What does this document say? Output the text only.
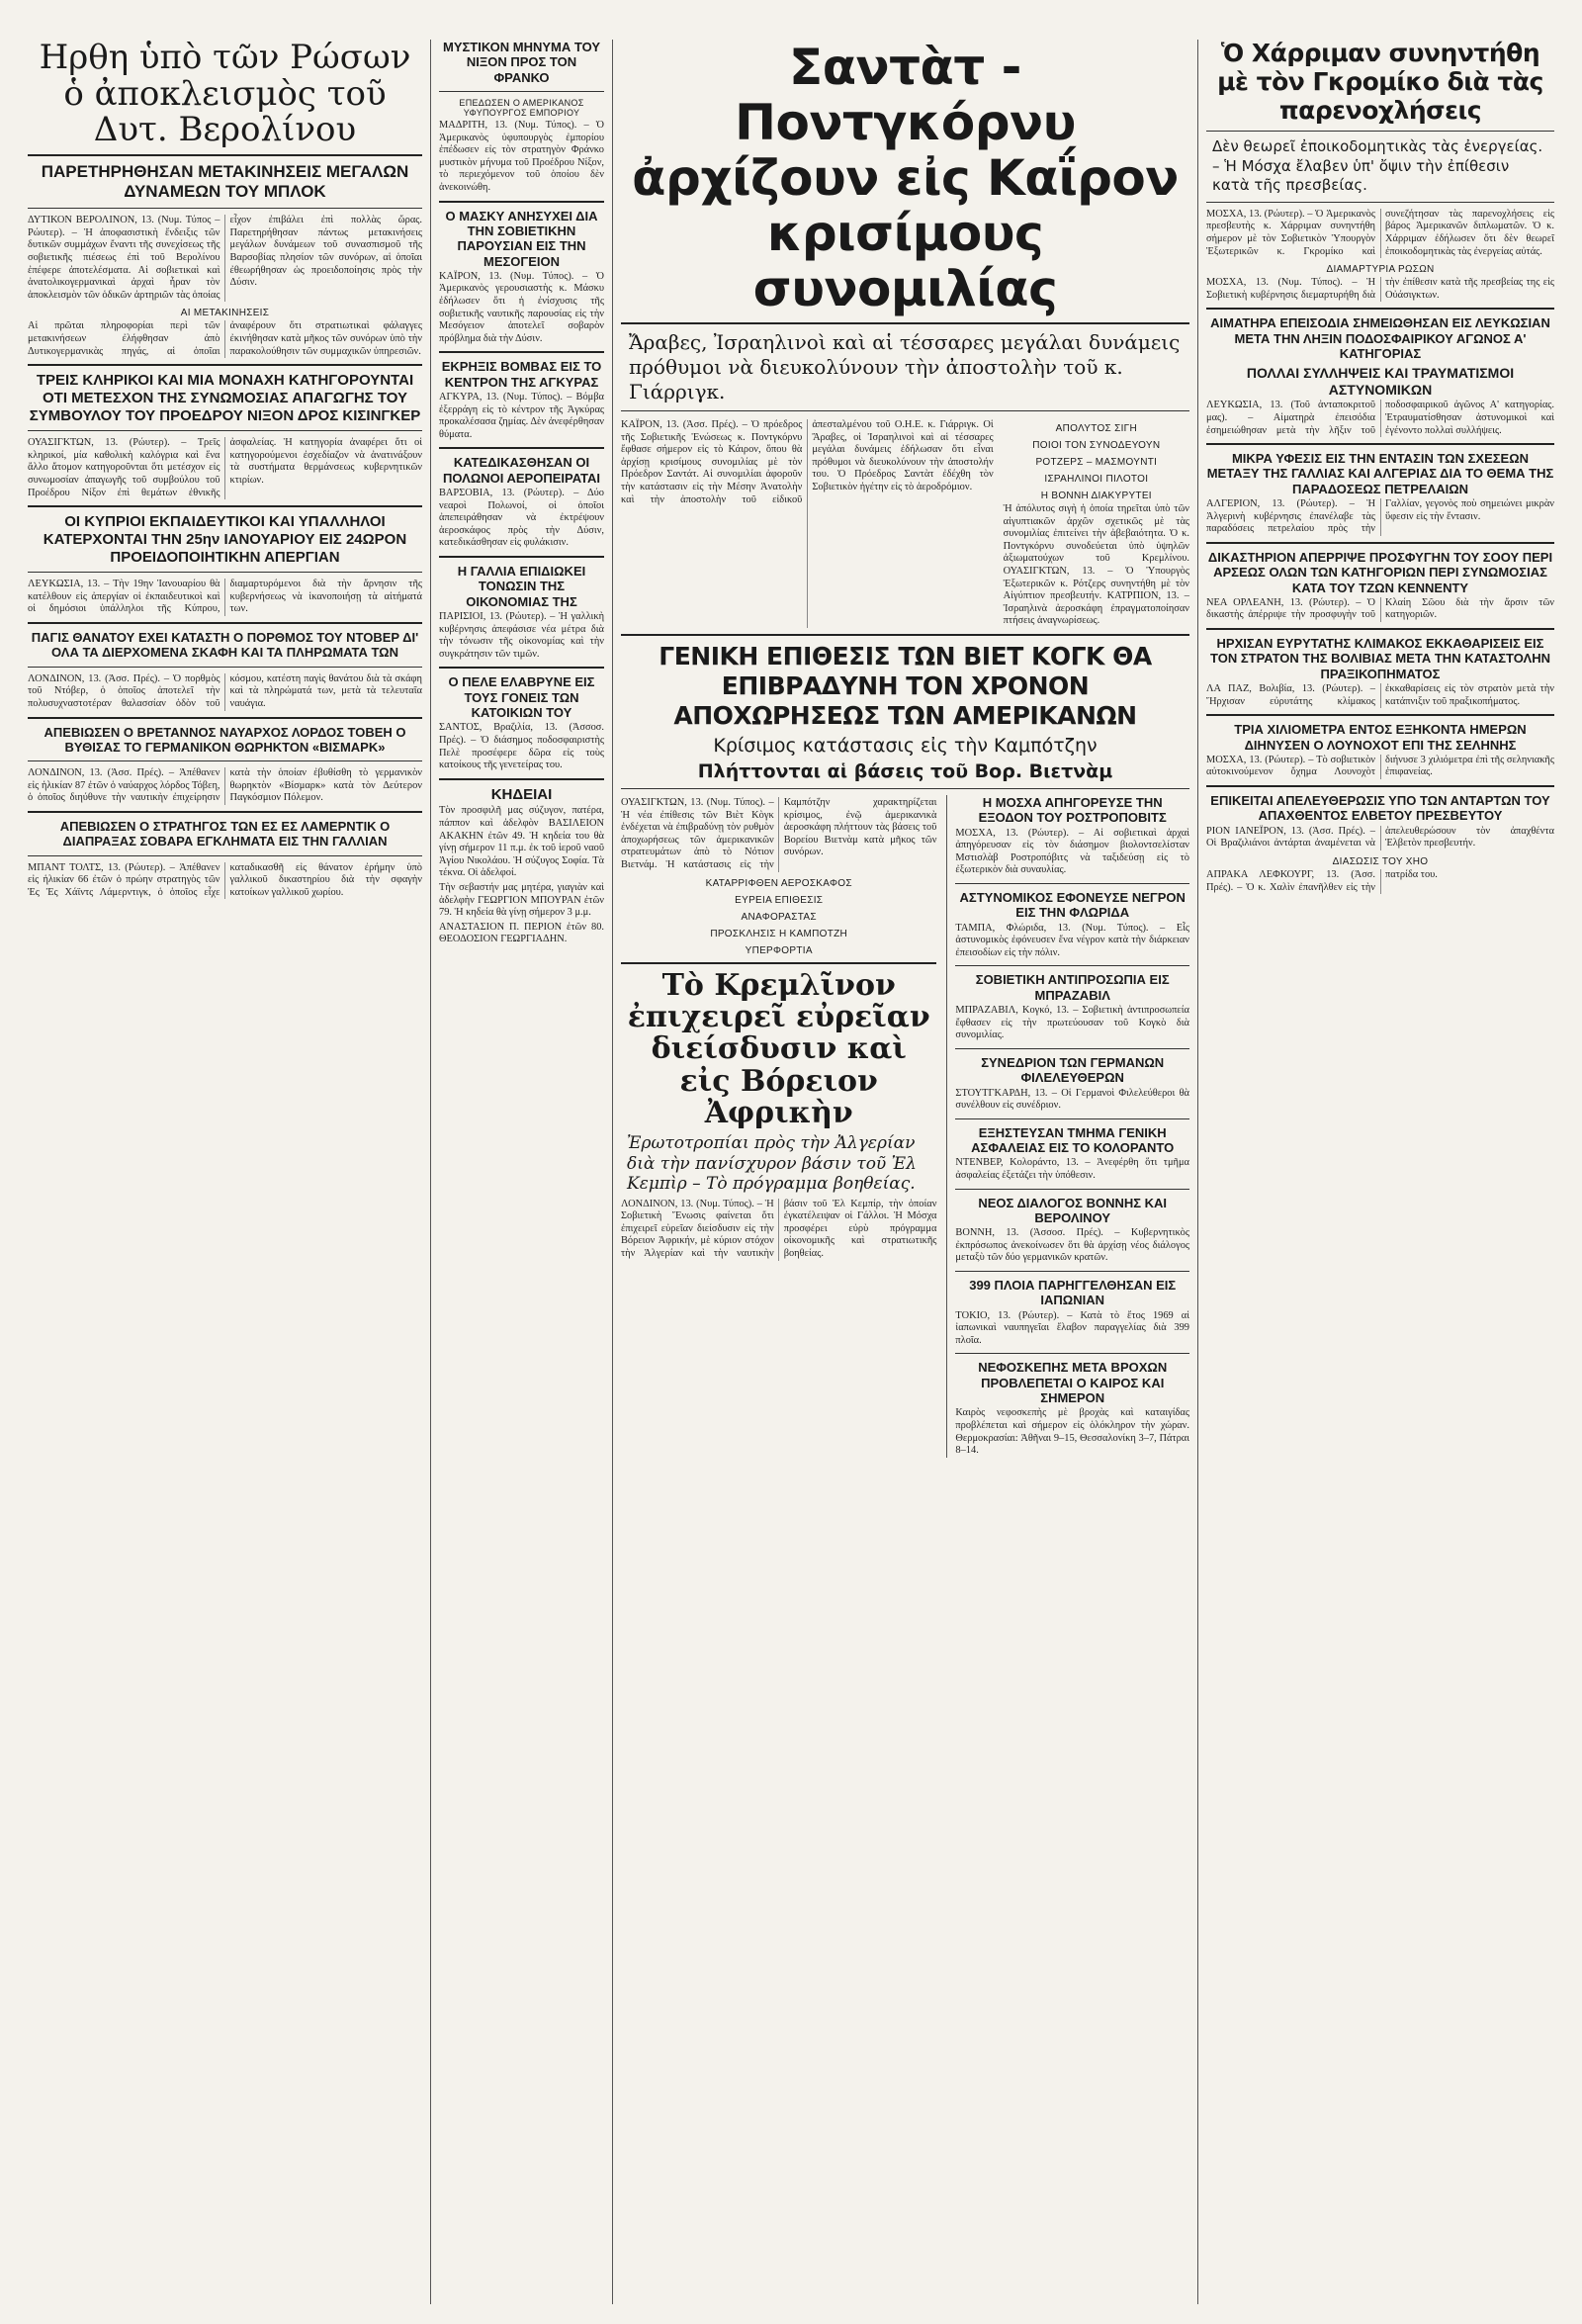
Ηρθη ὑπὸ τῶν Ρώσων ὁ ἀποκλεισμὸς τοῦ Δυτ. Βερολίνου
ΠΑΡΕΤΗΡΗΘΗΣΑΝ ΜΕΤΑΚΙΝΗΣΕΙΣ ΜΕΓΑΛΩΝ ΔΥΝΑΜΕΩΝ ΤΟΥ ΜΠΛΟΚ

ΔΥΤΙΚΟΝ ΒΕΡΟΛΙΝΟΝ, 13. (Νυμ. Τύπος – Ρώυτερ). – Ἡ ἀποφασιστικὴ ἔνδειξις τῶν δυτικῶν συμμάχων ἔναντι τῆς συνεχίσεως τῆς σοβιετικῆς πιέσεως ἐπὶ τοῦ Βερολίνου ἐπέφερε ἀποτελέσματα. Αἱ σοβιετικαὶ καὶ ἀνατολικογερμανικαὶ ἀρχαὶ ἦραν τὸν ἀποκλεισμὸν τῶν ὁδικῶν ἀρτηριῶν τὰς ὁποίας εἶχον ἐπιβάλει ἐπὶ πολλὰς ὥρας. Παρετηρήθησαν πάντως μετακινήσεις μεγάλων δυνάμεων τοῦ συνασπισμοῦ τῆς Βαρσοβίας πλησίον τῶν συνόρων, αἱ ὁποῖαι ἐθεωρήθησαν ὡς προειδοποίησις πρὸς τὴν Δύσιν.

ΑΙ ΜΕΤΑΚΙΝΗΣΕΙΣ

Αἱ πρῶται πληροφορίαι περὶ τῶν μετακινήσεων ἐλήφθησαν ἀπὸ Δυτικογερμανικὰς πηγάς, αἱ ὁποῖαι ἀναφέρουν ὅτι στρατιωτικαὶ φάλαγγες ἐκινήθησαν κατὰ μῆκος τῶν συνόρων ὑπὸ τὴν παρακολούθησιν τῶν συμμαχικῶν ὑπηρεσιῶν.

ΤΡΕΙΣ ΚΛΗΡΙΚΟΙ ΚΑΙ ΜΙΑ ΜΟΝΑΧΗ ΚΑΤΗΓΟΡΟΥΝΤΑΙ ΟΤΙ ΜΕΤΕΣΧΟΝ ΤΗΣ ΣΥΝΩΜΟΣΙΑΣ ΑΠΑΓΩΓΗΣ ΤΟΥ ΣΥΜΒΟΥΛΟΥ ΤΟΥ ΠΡΟΕΔΡΟΥ ΝΙΞΟΝ ΔΡΟΣ ΚΙΣΙΝΓΚΕΡ

ΟΥΑΣΙΓΚΤΩΝ, 13. (Ρώυτερ). – Τρεῖς κληρικοί, μία καθολικὴ καλόγρια καὶ ἕνα ἄλλο ἄτομον κατηγοροῦνται ὅτι μετέσχον εἰς συνωμοσίαν ἀπαγωγῆς τοῦ συμβούλου τοῦ Προέδρου Νίξον ἐπὶ θεμάτων ἐθνικῆς ἀσφαλείας. Ἡ κατηγορία ἀναφέρει ὅτι οἱ κατηγορούμενοι ἐσχεδίαζον νὰ ἀνατινάξουν τὰ συστήματα θερμάνσεως κυβερνητικῶν κτιρίων.

ΟΙ ΚΥΠΡΙΟΙ ΕΚΠΑΙΔΕΥΤΙΚΟΙ ΚΑΙ ΥΠΑΛΛΗΛΟΙ ΚΑΤΕΡΧΟΝΤΑΙ ΤΗΝ 25ην ΙΑΝΟΥΑΡΙΟΥ ΕΙΣ 24ΩΡΟΝ ΠΡΟΕΙΔΟΠΟΙΗΤΙΚΗΝ ΑΠΕΡΓΙΑΝ

ΛΕΥΚΩΣΙΑ, 13. – Τὴν 19ην Ἰανουαρίου θὰ κατέλθουν εἰς ἀπεργίαν οἱ ἐκπαιδευτικοὶ καὶ οἱ δημόσιοι ὑπάλληλοι τῆς Κύπρου, διαμαρτυρόμενοι διὰ τὴν ἄρνησιν τῆς κυβερνήσεως νὰ ἱκανοποιήσῃ τὰ αἰτήματά των.

ΠΑΓΙΣ ΘΑΝΑΤΟΥ ΕΧΕΙ ΚΑΤΑΣΤΗ Ο ΠΟΡΘΜΟΣ ΤΟΥ ΝΤΟΒΕΡ ΔΙ' ΟΛΑ ΤΑ ΔΙΕΡΧΟΜΕΝΑ ΣΚΑΦΗ ΚΑΙ ΤΑ ΠΛΗΡΩΜΑΤΑ ΤΩΝ

ΛΟΝΔΙΝΟΝ, 13. (Ἀσσ. Πρές). – Ὁ πορθμὸς τοῦ Ντόβερ, ὁ ὁποῖος ἀποτελεῖ τὴν πολυσυχναστοτέραν θαλασσίαν ὁδὸν τοῦ κόσμου, κατέστη παγὶς θανάτου διὰ τὰ σκάφη καὶ τὰ πληρώματά των, μετὰ τὰ τελευταῖα ναυάγια.

ΑΠΕΒΙΩΣΕΝ Ο ΒΡΕΤΑΝΝΟΣ ΝΑΥΑΡΧΟΣ ΛΟΡΔΟΣ ΤΟΒΕΗ Ο ΒΥΘΙΣΑΣ ΤΟ ΓΕΡΜΑΝΙΚΟΝ ΘΩΡΗΚΤΟΝ «ΒΙΣΜΑΡΚ»

ΛΟΝΔΙΝΟΝ, 13. (Ἀσσ. Πρές). – Ἀπέθανεν εἰς ἡλικίαν 87 ἐτῶν ὁ ναύαρχος λόρδος Τόβεη, ὁ ὁποῖος διηύθυνε τὴν ναυτικὴν ἐπιχείρησιν κατὰ τὴν ὁποίαν ἐβυθίσθη τὸ γερμανικὸν θωρηκτὸν «Βίσμαρκ» κατὰ τὸν Δεύτερον Παγκόσμιον Πόλεμον.

ΑΠΕΒΙΩΣΕΝ Ο ΣΤΡΑΤΗΓΟΣ ΤΩΝ ΕΣ ΕΣ ΛΑΜΕΡΝΤΙΚ Ο ΔΙΑΠΡΑΞΑΣ ΣΟΒΑΡΑ ΕΓΚΛΗΜΑΤΑ ΕΙΣ ΤΗΝ ΓΑΛΛΙΑΝ

ΜΠΑΝΤ ΤΟΛΤΣ, 13. (Ρώυτερ). – Ἀπέθανεν εἰς ἡλικίαν 66 ἐτῶν ὁ πρώην στρατηγὸς τῶν Ἐς Ἐς Χάϊντς Λάμερντιγκ, ὁ ὁποῖος εἶχε καταδικασθῆ εἰς θάνατον ἐρήμην ὑπὸ γαλλικοῦ δικαστηρίου διὰ τὴν σφαγὴν κατοίκων γαλλικοῦ χωρίου.

ΜΥΣΤΙΚΟΝ ΜΗΝΥΜΑ ΤΟΥ ΝΙΞΟΝ ΠΡΟΣ ΤΟΝ ΦΡΑΝΚΟ
ΕΠΕΔΩΣΕΝ Ο ΑΜΕΡΙΚΑΝΟΣ ΥΦΥΠΟΥΡΓΟΣ ΕΜΠΟΡΙΟΥ

ΜΑΔΡΙΤΗ, 13. (Νυμ. Τύπος). – Ὁ Ἀμερικανὸς ὑφυπουργὸς ἐμπορίου ἐπέδωσεν εἰς τὸν στρατηγὸν Φράνκο μυστικὸν μήνυμα τοῦ Προέδρου Νίξον, τὸ περιεχόμενον τοῦ ὁποίου δὲν ἀνεκοινώθη.

Ο ΜΑΣΚΥ ΑΝΗΣΥΧΕΙ ΔΙΑ ΤΗΝ ΣΟΒΙΕΤΙΚΗΝ ΠΑΡΟΥΣΙΑΝ ΕΙΣ ΤΗΝ ΜΕΣΟΓΕΙΟΝ

ΚΑΪΡΟΝ, 13. (Νυμ. Τύπος). – Ὁ Ἀμερικανὸς γερουσιαστὴς κ. Μάσκυ ἐδήλωσεν ὅτι ἡ ἐνίσχυσις τῆς σοβιετικῆς ναυτικῆς παρουσίας εἰς τὴν Μεσόγειον ἀποτελεῖ σοβαρὸν πρόβλημα διὰ τὴν Δύσιν.

ΕΚΡΗΞΙΣ ΒΟΜΒΑΣ ΕΙΣ ΤΟ ΚΕΝΤΡΟΝ ΤΗΣ ΑΓΚΥΡΑΣ

ΑΓΚΥΡΑ, 13. (Νυμ. Τύπος). – Βόμβα ἐξερράγη εἰς τὸ κέντρον τῆς Ἀγκύρας προκαλέσασα ζημίας. Δὲν ἀνεφέρθησαν θύματα.

ΚΑΤΕΔΙΚΑΣΘΗΣΑΝ ΟΙ ΠΟΛΩΝΟΙ ΑΕΡΟΠΕΙΡΑΤΑΙ

ΒΑΡΣΟΒΙΑ, 13. (Ρώυτερ). – Δύο νεαροὶ Πολωνοί, οἱ ὁποῖοι ἀπεπειράθησαν νὰ ἐκτρέψουν ἀεροσκάφος πρὸς τὴν Δύσιν, κατεδικάσθησαν εἰς φυλάκισιν.

Η ΓΑΛΛΙΑ ΕΠΙΔΙΩΚΕΙ ΤΟΝΩΣΙΝ ΤΗΣ ΟΙΚΟΝΟΜΙΑΣ ΤΗΣ

ΠΑΡΙΣΙΟΙ, 13. (Ρώυτερ). – Ἡ γαλλικὴ κυβέρνησις ἀπεφάσισε νέα μέτρα διὰ τὴν τόνωσιν τῆς οἰκονομίας καὶ τὴν συγκράτησιν τῶν τιμῶν.

Ο ΠΕΛΕ ΕΛΑΒΡΥΝΕ ΕΙΣ ΤΟΥΣ ΓΟΝΕΙΣ ΤΩΝ ΚΑΤΟΙΚΙΩΝ ΤΟΥ

ΣΑΝΤΟΣ, Βραζιλία, 13. (Ἀσσοσ. Πρές). – Ὁ διάσημος ποδοσφαιριστὴς Πελὲ προσέφερε δῶρα εἰς τοὺς κατοίκους τῆς γενετείρας του.

ΚΗΔΕΙΑΙ

Τὸν προσφιλῆ μας σύζυγον, πατέρα, πάππον καὶ ἀδελφὸν ΒΑΣΙΛΕΙΟΝ ΑΚΑΚΗΝ ἐτῶν 49. Ἡ κηδεία του θὰ γίνῃ σήμερον 11 π.μ. ἐκ τοῦ ἱεροῦ ναοῦ Ἁγίου Νικολάου. Ἡ σύζυγος Σοφία. Τὰ τέκνα. Οἱ ἀδελφοί.

Τὴν σεβαστήν μας μητέρα, γιαγιὰν καὶ ἀδελφὴν ΓΕΩΡΓΙΟΝ ΜΠΟΥΡΑΝ ἐτῶν 79. Ἡ κηδεία θὰ γίνῃ σήμερον 3 μ.μ.

ΑΝΑΣΤΑΣΙΟΝ Π. ΠΕΡΙΟΝ ἐτῶν 80. ΘΕΟΔΟΣΙΟΝ ΓΕΩΡΓΙΑΔΗΝ.

Σαντὰτ - Ποντγκόρνυ ἀρχίζουν εἰς Καΐρον κρισίμους συνομιλίας

Ἄραβες, Ἰσραηλινοὶ καὶ αἱ τέσσαρες μεγάλαι δυνάμεις πρόθυμοι νὰ διευκολύνουν τὴν ἀποστολὴν τοῦ κ. Γιάρριγκ.

ΚΑΪΡΟΝ, 13. (Ἀσσ. Πρές). – Ὁ πρόεδρος τῆς Σοβιετικῆς Ἑνώσεως κ. Ποντγκόρνυ ἔφθασε σήμερον εἰς τὸ Κάιρον, ὅπου θὰ ἀρχίσῃ κρισίμους συνομιλίας μὲ τὸν Πρόεδρον Σαντάτ. Αἱ συνομιλίαι ἀφοροῦν τὴν κατάστασιν εἰς τὴν Μέσην Ἀνατολὴν καὶ τὴν ἀποστολὴν τοῦ εἰδικοῦ ἀπεσταλμένου τοῦ Ο.Η.Ε. κ. Γιάρριγκ. Οἱ Ἄραβες, οἱ Ἰσραηλινοὶ καὶ αἱ τέσσαρες μεγάλαι δυνάμεις ἐδήλωσαν ὅτι εἶναι πρόθυμοι νὰ διευκολύνουν τὴν ἀποστολήν του. Ὁ Πρόεδρος Σαντὰτ ἐδέχθη τὸν Σοβιετικὸν ἡγέτην εἰς τὸ ἀεροδρόμιον.

ΑΠΟΛΥΤΟΣ ΣΙΓΗ
ΠΟΙΟΙ ΤΟΝ ΣΥΝΟΔΕΥΟΥΝ
ΡΟΤΖΕΡΣ – ΜΑΣΜΟΥΝΤΙ
ΙΣΡΑΗΛΙΝΟΙ ΠΙΛΟΤΟΙ
Η ΒΟΝΝΗ ΔΙΑΚΥΡΥΤΕΙ

Ἡ ἀπόλυτος σιγὴ ἡ ὁποία τηρεῖται ὑπὸ τῶν αἰγυπτιακῶν ἀρχῶν σχετικῶς μὲ τὰς συνομιλίας ἐπιτείνει τὴν ἀβεβαιότητα. Ὁ κ. Ποντγκόρνυ συνοδεύεται ὑπὸ ὑψηλῶν ἀξιωματούχων τοῦ Κρεμλίνου. ΟΥΑΣΙΓΚΤΩΝ, 13. – Ὁ Ὑπουργὸς Ἐξωτερικῶν κ. Ρότζερς συνηντήθη μὲ τὸν Αἰγύπτιον πρεσβευτήν. ΚΑΤΡΠΙΟΝ, 13. – Ἰσραηλινὰ ἀεροσκάφη ἐπραγματοποίησαν πτήσεις ἀναγνωρίσεως.

ΓΕΝΙΚΗ ΕΠΙΘΕΣΙΣ ΤΩΝ ΒΙΕΤ ΚΟΓΚ ΘΑ ΕΠΙΒΡΑΔΥΝΗ ΤΟΝ ΧΡΟΝΟΝ ΑΠΟΧΩΡΗΣΕΩΣ ΤΩΝ ΑΜΕΡΙΚΑΝΩΝ
Κρίσιμος κατάστασις εἰς τὴν Καμπότζην
Πλήττονται αἱ βάσεις τοῦ Βορ. Βιετνὰμ

ΟΥΑΣΙΓΚΤΩΝ, 13. (Νυμ. Τύπος). – Ἡ νέα ἐπίθεσις τῶν Βιὲτ Κὸγκ ἐνδέχεται νὰ ἐπιβραδύνῃ τὸν ρυθμὸν ἀποχωρήσεως τῶν ἀμερικανικῶν στρατευμάτων ἀπὸ τὸ Νότιον Βιετνάμ. Ἡ κατάστασις εἰς τὴν Καμπότζην χαρακτηρίζεται κρίσιμος, ἐνῷ ἀμερικανικὰ ἀεροσκάφη πλήττουν τὰς βάσεις τοῦ Βορείου Βιετνὰμ κατὰ μῆκος τῶν συνόρων.

ΚΑΤΑΡΡΙΦΘΕΝ ΑΕΡΟΣΚΑΦΟΣ
ΕΥΡΕΙΑ ΕΠΙΘΕΣΙΣ
ΑΝΑΦΟΡΑΣΤΑΣ
ΠΡΟΣΚΛΗΣΙΣ Η ΚΑΜΠΟΤΖΗ
ΥΠΕΡΦΟΡΤΙΑ
Τὸ Κρεμλῖνον ἐπιχειρεῖ εὐρεῖαν διείσδυσιν καὶ εἰς Βόρειον Ἀφρικὴν

Ἐρωτοτροπίαι πρὸς τὴν Ἀλγερίαν διὰ τὴν πανίσχυρον βάσιν τοῦ Ἐλ Κεμπὶρ – Τὸ πρόγραμμα βοηθείας.

ΛΟΝΔΙΝΟΝ, 13. (Νυμ. Τύπος). – Ἡ Σοβιετικὴ Ἕνωσις φαίνεται ὅτι ἐπιχειρεῖ εὐρεῖαν διείσδυσιν εἰς τὴν Βόρειον Ἀφρικήν, μὲ κύριον στόχον τὴν Ἀλγερίαν καὶ τὴν ναυτικὴν βάσιν τοῦ Ἐλ Κεμπίρ, τὴν ὁποίαν ἐγκατέλειψαν οἱ Γάλλοι. Ἡ Μόσχα προσφέρει εὐρὺ πρόγραμμα οἰκονομικῆς καὶ στρατιωτικῆς βοηθείας.

Η ΜΟΣΧΑ ΑΠΗΓΟΡΕΥΣΕ ΤΗΝ ΕΞΟΔΟΝ ΤΟΥ ΡΟΣΤΡΟΠΟΒΙΤΣ

ΜΟΣΧΑ, 13. (Ρώυτερ). – Αἱ σοβιετικαὶ ἀρχαὶ ἀπηγόρευσαν εἰς τὸν διάσημον βιολοντσελίσταν Μστισλὰβ Ροστροπόβιτς νὰ ταξιδεύσῃ εἰς τὸ ἐξωτερικὸν διὰ συναυλίας.

ΑΣΤΥΝΟΜΙΚΟΣ ΕΦΟΝΕΥΣΕ ΝΕΓΡΟΝ ΕΙΣ ΤΗΝ ΦΛΩΡΙΔΑ

ΤΑΜΠΑ, Φλώριδα, 13. (Νυμ. Τύπος). – Εἷς ἀστυνομικὸς ἐφόνευσεν ἕνα νέγρον κατὰ τὴν διάρκειαν ἐπεισοδίων εἰς τὴν πόλιν.

ΣΟΒΙΕΤΙΚΗ ΑΝΤΙΠΡΟΣΩΠΙΑ ΕΙΣ ΜΠΡΑΖΑΒΙΛ

ΜΠΡΑΖΑΒΙΛ, Κογκό, 13. – Σοβιετικὴ ἀντιπροσωπεία ἔφθασεν εἰς τὴν πρωτεύουσαν τοῦ Κογκὸ διὰ συνομιλίας.

ΣΥΝΕΔΡΙΟΝ ΤΩΝ ΓΕΡΜΑΝΩΝ ΦΙΛΕΛΕΥΘΕΡΩΝ

ΣΤΟΥΤΓΚΑΡΔΗ, 13. – Οἱ Γερμανοὶ Φιλελεύθεροι θὰ συνέλθουν εἰς συνέδριον.

ΕΞΗΣΤΕΥΣΑΝ ΤΜΗΜΑ ΓΕΝΙΚΗ ΑΣΦΑΛΕΙΑΣ ΕΙΣ ΤΟ ΚΟΛΟΡΑΝΤΟ

ΝΤΕΝΒΕΡ, Κολοράντο, 13. – Ἀνεφέρθη ὅτι τμῆμα ἀσφαλείας ἐξετάζει τὴν ὑπόθεσιν.

ΝΕΟΣ ΔΙΑΛΟΓΟΣ ΒΟΝΝΗΣ ΚΑΙ ΒΕΡΟΛΙΝΟΥ

ΒΟΝΝΗ, 13. (Ἀσσοσ. Πρές). – Κυβερνητικὸς ἐκπρόσωπος ἀνεκοίνωσεν ὅτι θὰ ἀρχίσῃ νέος διάλογος μεταξὺ τῶν δύο γερμανικῶν κρατῶν.

399 ΠΛΟΙΑ ΠΑΡΗΓΓΕΛΘΗΣΑΝ ΕΙΣ ΙΑΠΩΝΙΑΝ

ΤΟΚΙΟ, 13. (Ρώυτερ). – Κατὰ τὸ ἔτος 1969 αἱ ἰαπωνικαὶ ναυπηγεῖαι ἔλαβον παραγγελίας διὰ 399 πλοῖα.

ΝΕΦΟΣΚΕΠΗΣ ΜΕΤΑ ΒΡΟΧΩΝ ΠΡΟΒΛΕΠΕΤΑΙ Ο ΚΑΙΡΟΣ ΚΑΙ ΣΗΜΕΡΟΝ

Καιρὸς νεφοσκεπὴς μὲ βροχὰς καὶ καταιγίδας προβλέπεται καὶ σήμερον εἰς ὁλόκληρον τὴν χώραν. Θερμοκρασίαι: Ἀθῆναι 9–15, Θεσσαλονίκη 3–7, Πάτραι 8–14.

Ὁ Χάρριμαν συνηντήθη μὲ τὸν Γκρομίκο διὰ τὰς παρενοχλήσεις

Δὲν θεωρεῖ ἐποικοδομητικὰς τὰς ἐνεργείας. – Ἡ Μόσχα ἔλαβεν ὑπ' ὄψιν τὴν ἐπίθεσιν κατὰ τῆς πρεσβείας.

ΜΟΣΧΑ, 13. (Ρώυτερ). – Ὁ Ἀμερικανὸς πρεσβευτὴς κ. Χάρριμαν συνηντήθη σήμερον μὲ τὸν Σοβιετικὸν Ὑπουργὸν Ἐξωτερικῶν κ. Γκρομίκο καὶ συνεζήτησαν τὰς παρενοχλήσεις εἰς βάρος Ἀμερικανῶν διπλωματῶν. Ὁ κ. Χάρριμαν ἐδήλωσεν ὅτι δὲν θεωρεῖ ἐποικοδομητικὰς τὰς ἐνεργείας αὐτάς.

ΔΙΑΜΑΡΤΥΡΙΑ ΡΩΣΩΝ

ΜΟΣΧΑ, 13. (Νυμ. Τύπος). – Ἡ Σοβιετικὴ κυβέρνησις διεμαρτυρήθη διὰ τὴν ἐπίθεσιν κατὰ τῆς πρεσβείας της εἰς Οὐάσιγκτων.

ΑΙΜΑΤΗΡΑ ΕΠΕΙΣΟΔΙΑ ΣΗΜΕΙΩΘΗΣΑΝ ΕΙΣ ΛΕΥΚΩΣΙΑΝ ΜΕΤΑ ΤΗΝ ΛΗΞΙΝ ΠΟΔΟΣΦΑΙΡΙΚΟΥ ΑΓΩΝΟΣ Α' ΚΑΤΗΓΟΡΙΑΣ
ΠΟΛΛΑΙ ΣΥΛΛΗΨΕΙΣ ΚΑΙ ΤΡΑΥΜΑΤΙΣΜΟΙ ΑΣΤΥΝΟΜΙΚΩΝ

ΛΕΥΚΩΣΙΑ, 13. (Τοῦ ἀνταποκριτοῦ μας). – Αἱματηρὰ ἐπεισόδια ἐσημειώθησαν μετὰ τὴν λῆξιν τοῦ ποδοσφαιρικοῦ ἀγῶνος Α' κατηγορίας. Ἐτραυματίσθησαν ἀστυνομικοὶ καὶ ἐγένοντο πολλαὶ συλλήψεις.

ΜΙΚΡΑ ΥΦΕΣΙΣ ΕΙΣ ΤΗΝ ΕΝΤΑΣΙΝ ΤΩΝ ΣΧΕΣΕΩΝ ΜΕΤΑΞΥ ΤΗΣ ΓΑΛΛΙΑΣ ΚΑΙ ΑΛΓΕΡΙΑΣ ΔΙΑ ΤΟ ΘΕΜΑ ΤΗΣ ΠΑΡΑΔΟΣΕΩΣ ΠΕΤΡΕΛΑΙΩΝ

ΑΛΓΕΡΙΟΝ, 13. (Ρώυτερ). – Ἡ Ἀλγερινὴ κυβέρνησις ἐπανέλαβε τὰς παραδόσεις πετρελαίου πρὸς τὴν Γαλλίαν, γεγονὸς ποὺ σημειώνει μικρὰν ὕφεσιν εἰς τὴν ἔντασιν.

ΔΙΚΑΣΤΗΡΙΟΝ ΑΠΕΡΡΙΨΕ ΠΡΟΣΦΥΓΗΝ ΤΟΥ ΣΟΟΥ ΠΕΡΙ ΑΡΣΕΩΣ ΟΛΩΝ ΤΩΝ ΚΑΤΗΓΟΡΙΩΝ ΠΕΡΙ ΣΥΝΩΜΟΣΙΑΣ ΚΑΤΑ ΤΟΥ ΤΖΩΝ ΚΕΝΝΕΝΤΥ

ΝΕΑ ΟΡΛΕΑΝΗ, 13. (Ρώυτερ). – Ὁ δικαστὴς ἀπέρριψε τὴν προσφυγὴν τοῦ Κλαίη Σῶου διὰ τὴν ἄρσιν τῶν κατηγοριῶν.

ΗΡΧΙΣΑΝ ΕΥΡΥΤΑΤΗΣ ΚΛΙΜΑΚΟΣ ΕΚΚΑΘΑΡΙΣΕΙΣ ΕΙΣ ΤΟΝ ΣΤΡΑΤΟΝ ΤΗΣ ΒΟΛΙΒΙΑΣ ΜΕΤΑ ΤΗΝ ΚΑΤΑΣΤΟΛΗΝ ΠΡΑΞΙΚΟΠΗΜΑΤΟΣ

ΛΑ ΠΑΖ, Βολιβία, 13. (Ρώυτερ). – Ἤρχισαν εὐρυτάτης κλίμακος ἐκκαθαρίσεις εἰς τὸν στρατὸν μετὰ τὴν κατάπνιξιν τοῦ πραξικοπήματος.

ΤΡΙΑ ΧΙΛΙΟΜΕΤΡΑ ΕΝΤΟΣ ΕΞΗΚΟΝΤΑ ΗΜΕΡΩΝ ΔΙΗΝΥΣΕΝ Ο ΛΟΥΝΟΧΟΤ ΕΠΙ ΤΗΣ ΣΕΛΗΝΗΣ

ΜΟΣΧΑ, 13. (Ρώυτερ). – Τὸ σοβιετικὸν αὐτοκινούμενον ὄχημα Λουνοχὸτ διήνυσε 3 χιλιόμετρα ἐπὶ τῆς σεληνιακῆς ἐπιφανείας.

ΕΠΙΚΕΙΤΑΙ ΑΠΕΛΕΥΘΕΡΩΣΙΣ ΥΠΟ ΤΩΝ ΑΝΤΑΡΤΩΝ ΤΟΥ ΑΠΑΧΘΕΝΤΟΣ ΕΛΒΕΤΟΥ ΠΡΕΣΒΕΥΤΟΥ

ΡΙΟΝ ΙΑΝΕΪΡΟΝ, 13. (Ἀσσ. Πρές). – Οἱ Βραζιλιάνοι ἀντάρται ἀναμένεται νὰ ἀπελευθερώσουν τὸν ἀπαχθέντα Ἐλβετὸν πρεσβευτήν.

ΔΙΑΣΩΣΙΣ ΤΟΥ ΧΗΟ

ΑΠΡΑΚΑ ΛΕΦΚΟΥΡΓ, 13. (Ἀσσ. Πρές). – Ὁ κ. Χαλὶν ἐπανῆλθεν εἰς τὴν πατρίδα του.
